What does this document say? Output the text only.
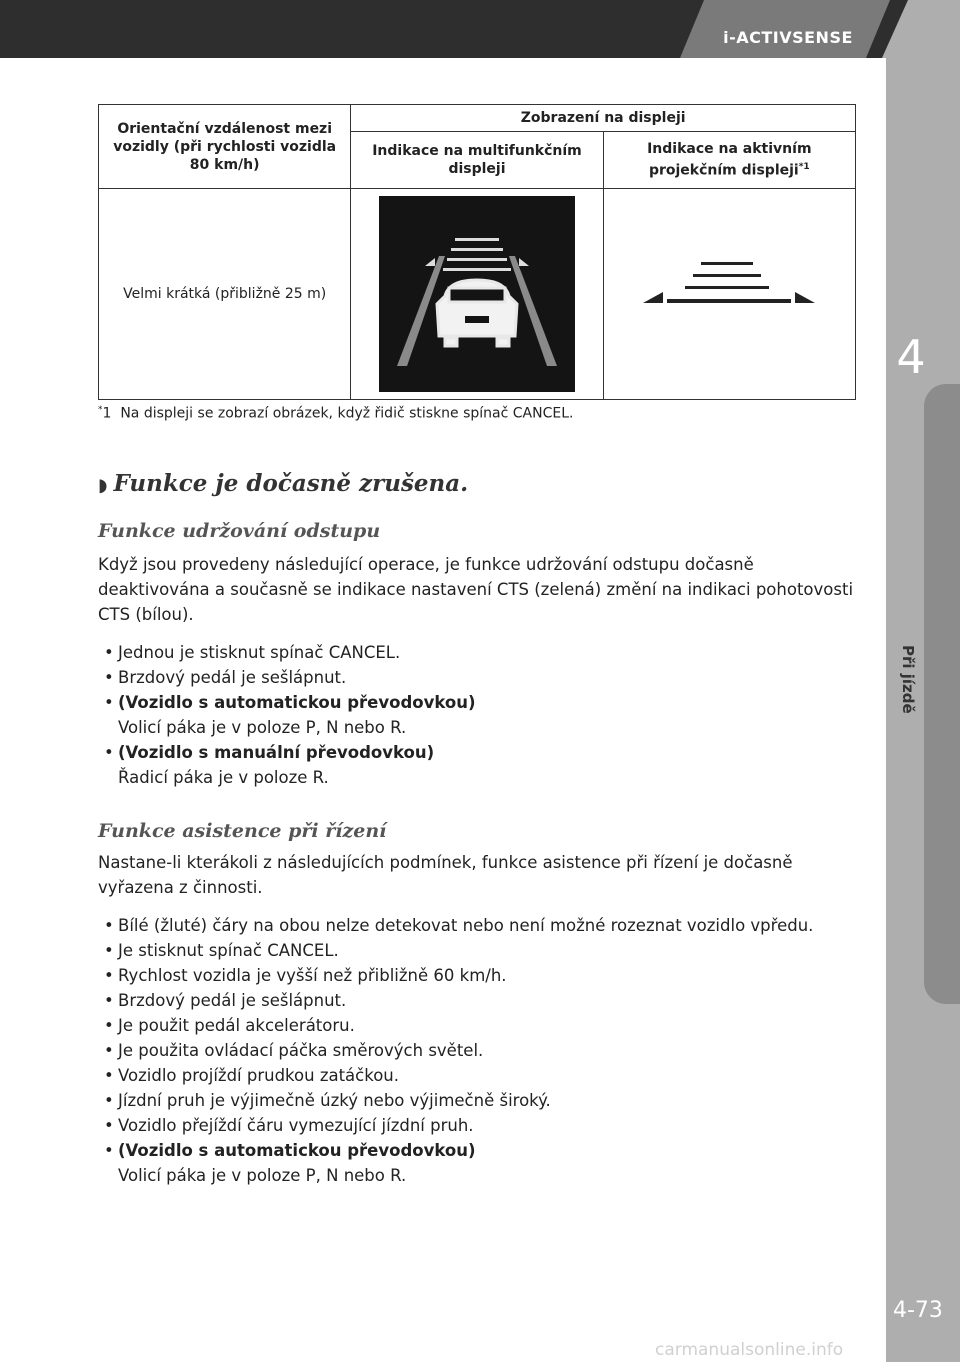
i-ACTIVSENSE
4
Při jízdě
4-73
Orientační vzdálenost mezi vozidly (při rychlosti vozidla 80 km/h)	Zobrazení na displeji	
	Indikace na multifunkčním displeji	Indikace na aktivním projekčním displeji$^{*1}$
Velmi krátká (přibližně 25 m)	

*1 Na displeji se zobrazí obrázek, když řidič stiskne spínač CANCEL.
◗ Funkce je dočasně zrušena.
Funkce udržování odstupu
Když jsou provedeny následující operace, je funkce udržování odstupu dočasně deaktivována a současně se indikace nastavení CTS (zelená) změní na indikaci pohotovosti CTS (bílou).
• Jednou je stisknut spínač CANCEL.
• Brzdový pedál je sešlápnut.
• (Vozidlo s automatickou převodovkou)
Volicí páka je v poloze P, N nebo R.
• (Vozidlo s manuální převodovkou)
Řadicí páka je v poloze R.
Funkce asistence při řízení
Nastane-li kterákoli z následujících podmínek, funkce asistence při řízení je dočasně vyřazena z činnosti.
• Bílé (žluté) čáry na obou nelze detekovat nebo není možné rozeznat vozidlo vpředu.
• Je stisknut spínač CANCEL.
• Rychlost vozidla je vyšší než přibližně 60 km/h.
• Brzdový pedál je sešlápnut.
• Je použit pedál akcelerátoru.
• Je použita ovládací páčka směrových světel.
• Vozidlo projíždí prudkou zatáčkou.
• Jízdní pruh je výjimečně úzký nebo výjimečně široký.
• Vozidlo přejíždí čáru vymezující jízdní pruh.
• (Vozidlo s automatickou převodovkou)
Volicí páka je v poloze P, N nebo R.
carmanualsonline.info
